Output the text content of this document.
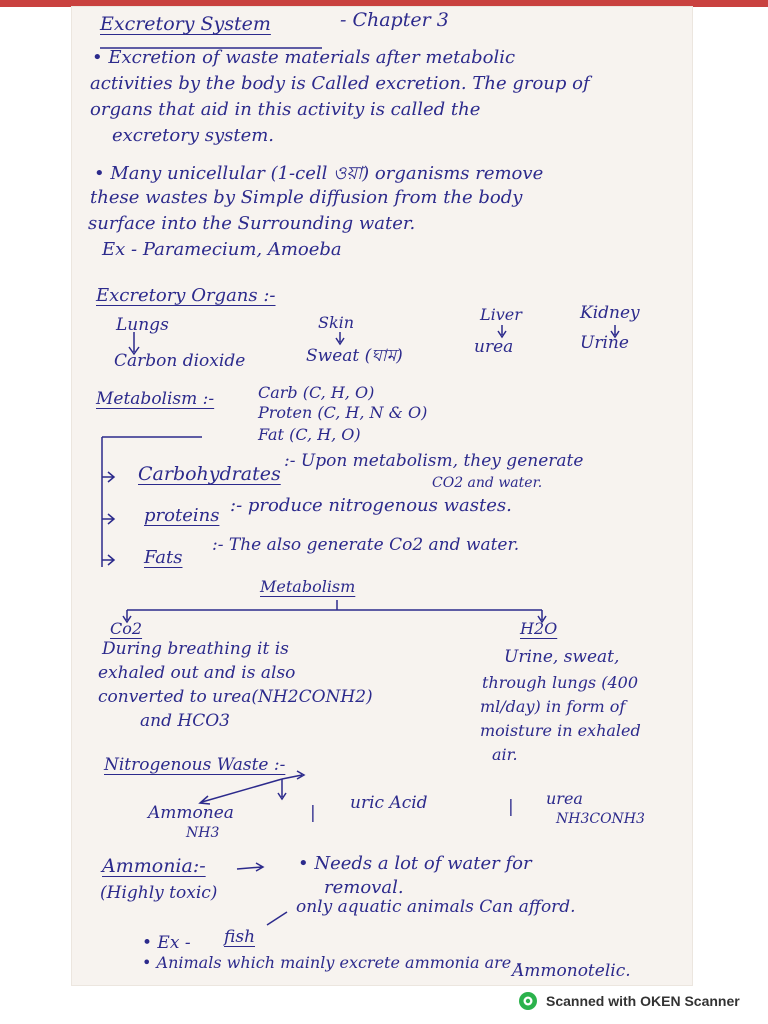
Excretory System	- Chapter 3
• Excretion of waste materials after metabolic
activities by the body is Called excretion. The group of
organs that aid in this activity is called the
excretory system.
• Many unicellular (1-cell ওয়া) organisms remove
these wastes by Simple diffusion from the body
surface into the Surrounding water.
Ex - Paramecium, Amoeba
Excretory Organs :-
Lungs
Carbon dioxide
Skin
Sweat (ঘাম)
Liver
urea
Kidney
Urine
Metabolism :-	Carb (C, H, O)
Proten (C, H, N & O)
Fat (C, H, O)
Carbohydrates
:- Upon metabolism, they generate
CO2 and water.
proteins :- produce nitrogenous wastes.
Fats
:- The also generate Co2 and water.
Metabolism
Co2
During breathing it is
exhaled out and is also
converted to urea(NH2CONH2)
and HCO3
H2O
Urine, sweat,
through lungs (400
ml/day) in form of
moisture in exhaled
air.
Nitrogenous Waste :-
Ammonea
NH3
| uric Acid	| urea
NH3CONH3
Ammonia:-
(Highly toxic)
• Needs a lot of water for
removal.
only aquatic animals Can afford.
• Ex - fish
• Animals which mainly excrete ammonia are -
Ammonotelic.
Scanned with OKEN Scanner
